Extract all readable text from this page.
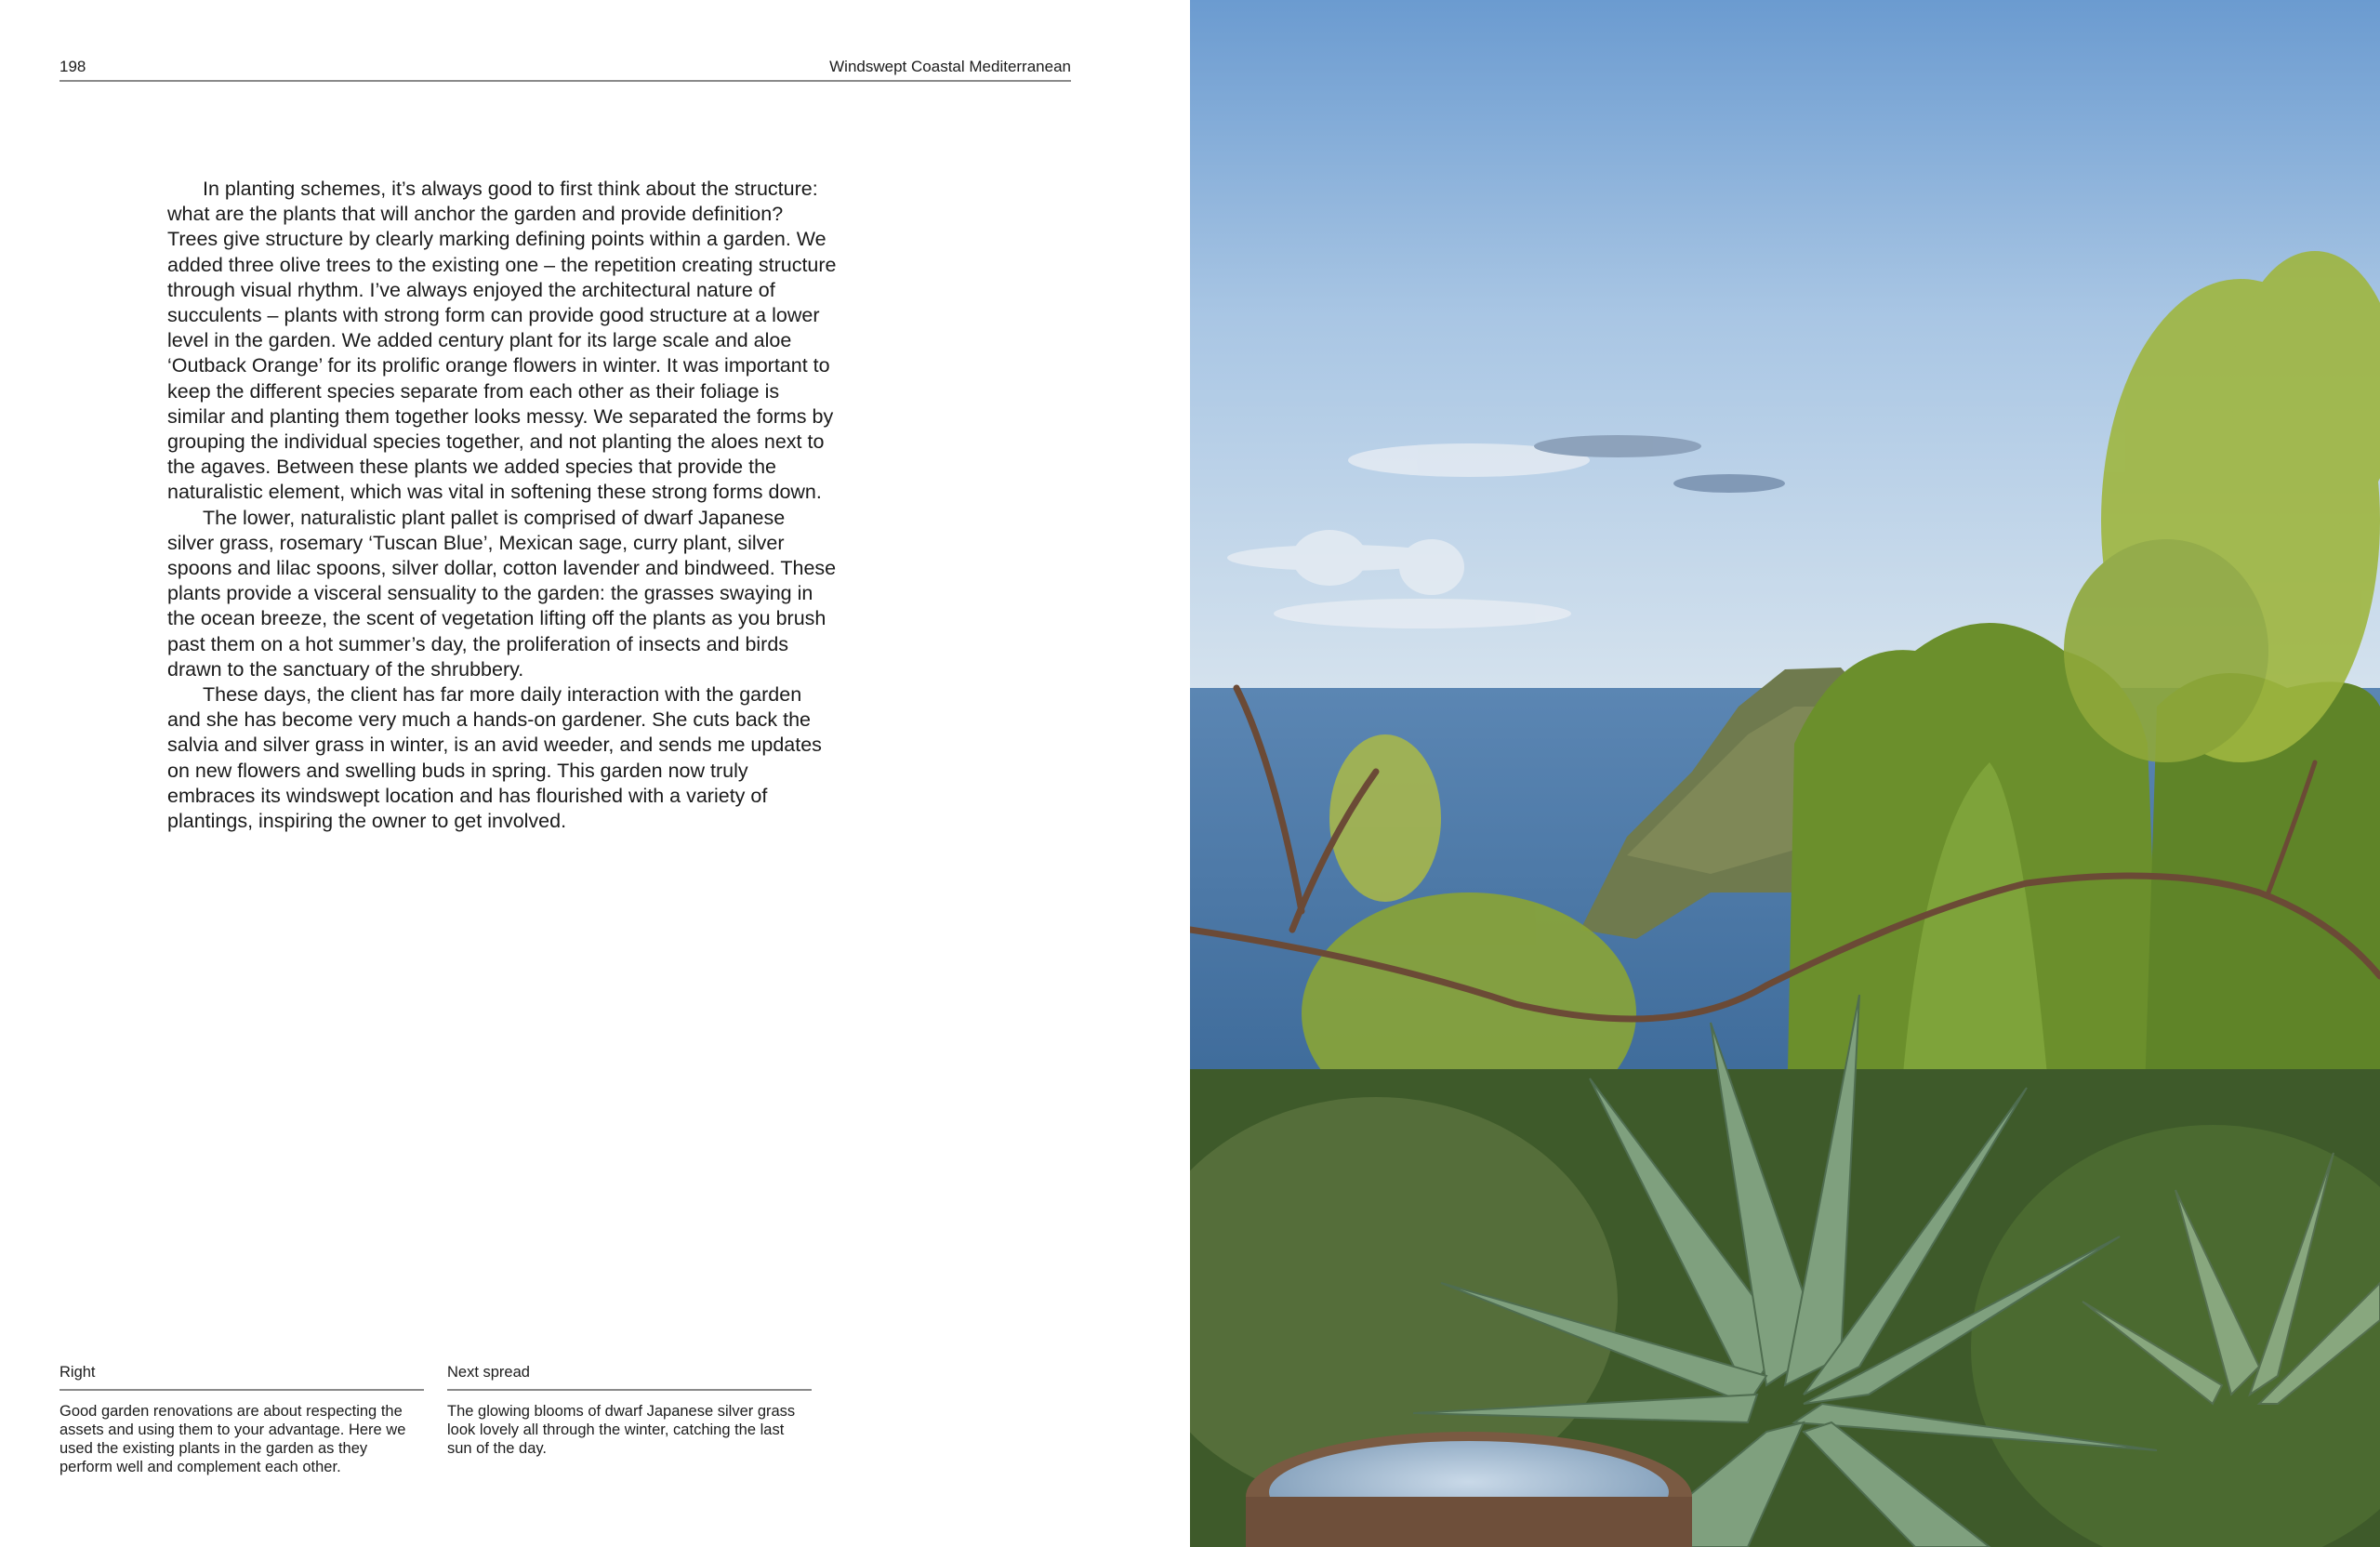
198	Windswept Coastal Mediterranean

In planting schemes, it’s always good to first think about the structure: what are the plants that will anchor the garden and provide definition? Trees give structure by clearly marking defining points within a garden. We added three olive trees to the existing one – the repetition creating structure through visual rhythm. I’ve always enjoyed the architectural nature of succulents – plants with strong form can provide good structure at a lower level in the garden. We added century plant for its large scale and aloe ‘Outback Orange’ for its prolific orange flowers in winter. It was important to keep the different species separate from each other as their foliage is similar and planting them together looks messy. We separated the forms by grouping the individual species together, and not planting the aloes next to the agaves. Between these plants we added species that provide the naturalistic element, which was vital in softening these strong forms down.

The lower, naturalistic plant pallet is comprised of dwarf Japanese silver grass, rosemary ‘Tuscan Blue’, Mexican sage, curry plant, silver spoons and lilac spoons, silver dollar, cotton lavender and bindweed. These plants provide a visceral sensuality to the garden: the grasses swaying in the ocean breeze, the scent of vegetation lifting off the plants as you brush past them on a hot summer’s day, the proliferation of insects and birds drawn to the sanctuary of the shrubbery.

These days, the client has far more daily interaction with the garden and she has become very much a hands-on gardener. She cuts back the salvia and silver grass in winter, is an avid weeder, and sends me updates on new flowers and swelling buds in spring. This garden now truly embraces its windswept location and has flourished with a variety of plantings, inspiring the owner to get involved.

Right
Good garden renovations are about respecting the assets and using them to your advantage. Here we used the existing plants in the garden as they perform well and complement each other.
Next spread
The glowing blooms of dwarf Japanese silver grass look lovely all through the winter, catching the last sun of the day.
